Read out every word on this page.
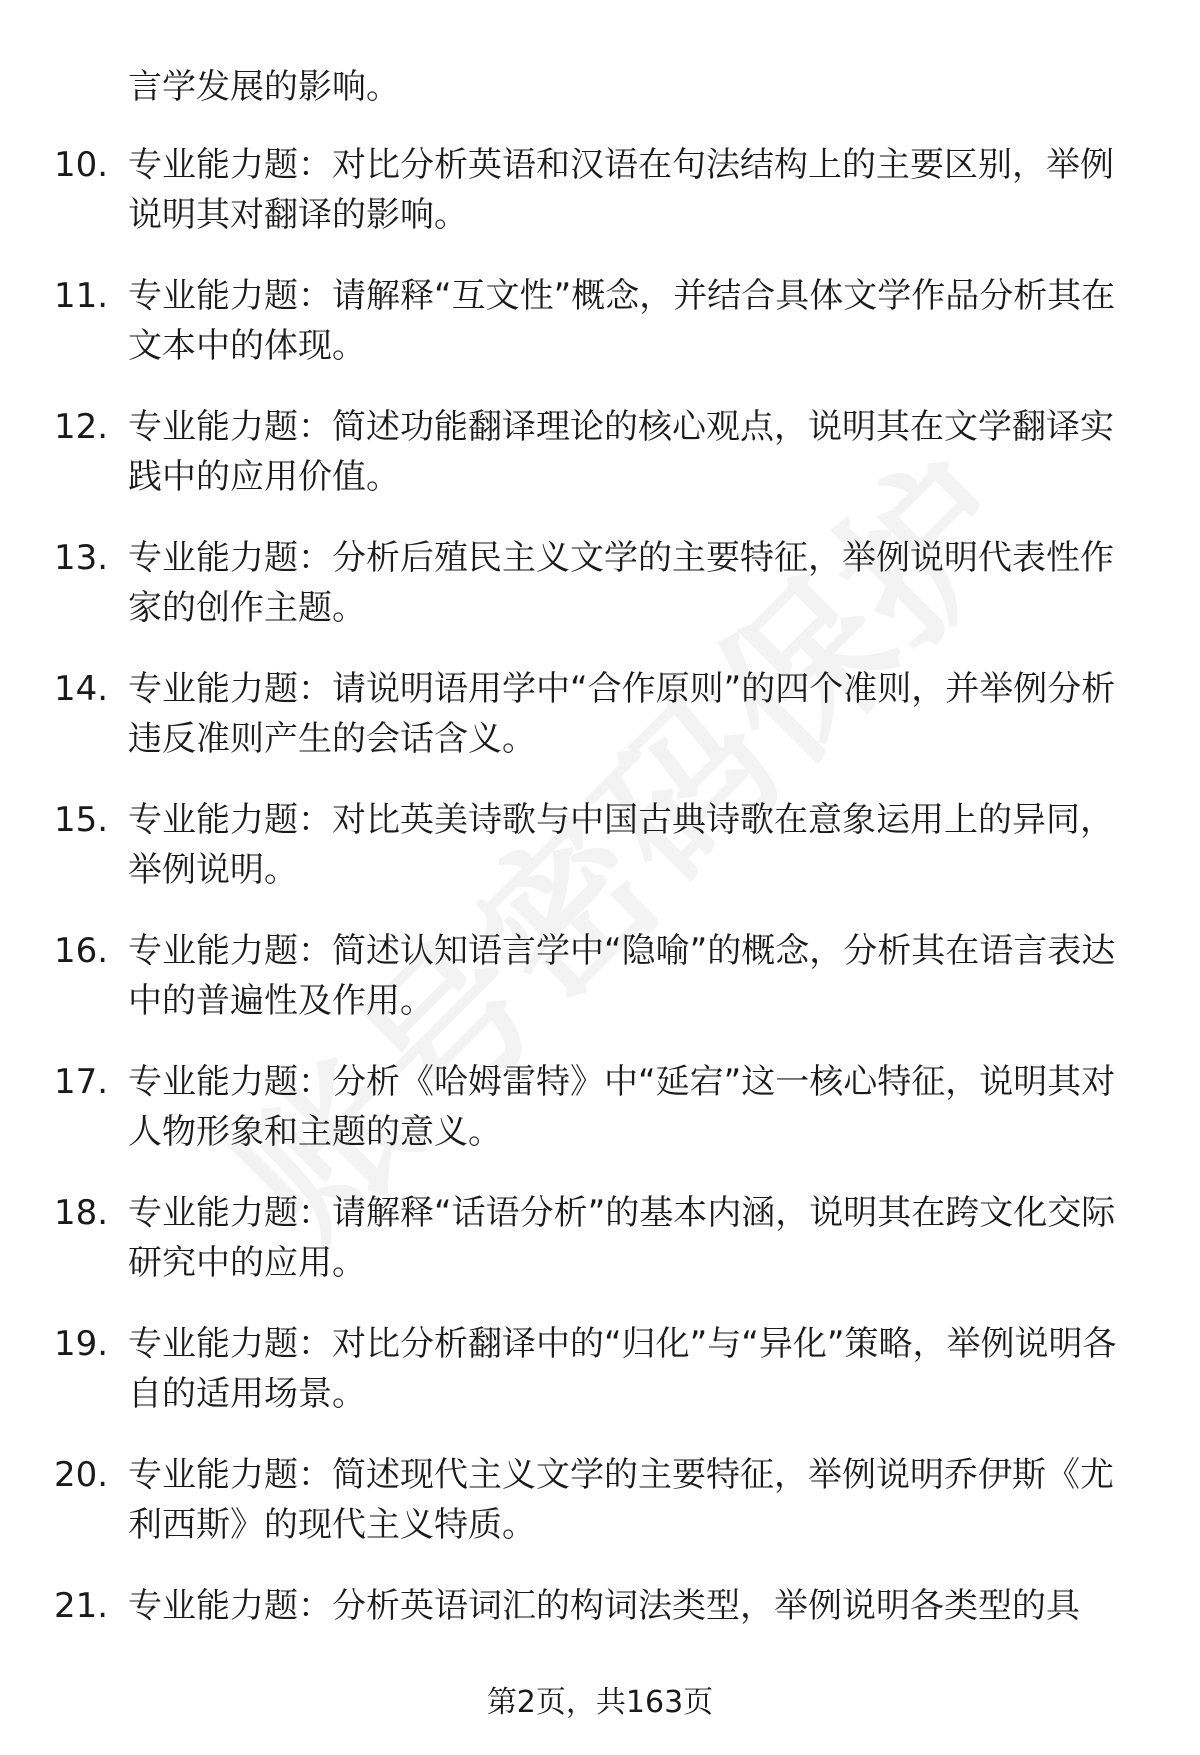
言学发展的影响。

10. 专业能力题：对比分析英语和汉语在句法结构上的主要区别，举例说明其对翻译的影响。

11. 专业能力题：请解释“互文性”概念，并结合具体文学作品分析其在文本中的体现。

12. 专业能力题：简述功能翻译理论的核心观点，说明其在文学翻译实践中的应用价值。

13. 专业能力题：分析后殖民主义文学的主要特征，举例说明代表性作家的创作主题。

14. 专业能力题：请说明语用学中“合作原则”的四个准则，并举例分析违反准则产生的会话含义。

15. 专业能力题：对比英美诗歌与中国古典诗歌在意象运用上的异同，举例说明。

16. 专业能力题：简述认知语言学中“隐喻”的概念，分析其在语言表达中的普遍性及作用。

17. 专业能力题：分析《哈姆雷特》中“延宕”这一核心特征，说明其对人物形象和主题的意义。

18. 专业能力题：请解释“话语分析”的基本内涵，说明其在跨文化交际研究中的应用。

19. 专业能力题：对比分析翻译中的“归化”与“异化”策略，举例说明各自的适用场景。

20. 专业能力题：简述现代主义文学的主要特征，举例说明乔伊斯《尤利西斯》的现代主义特质。

21. 专业能力题：分析英语词汇的构词法类型，举例说明各类型的具

第2页，共163页
